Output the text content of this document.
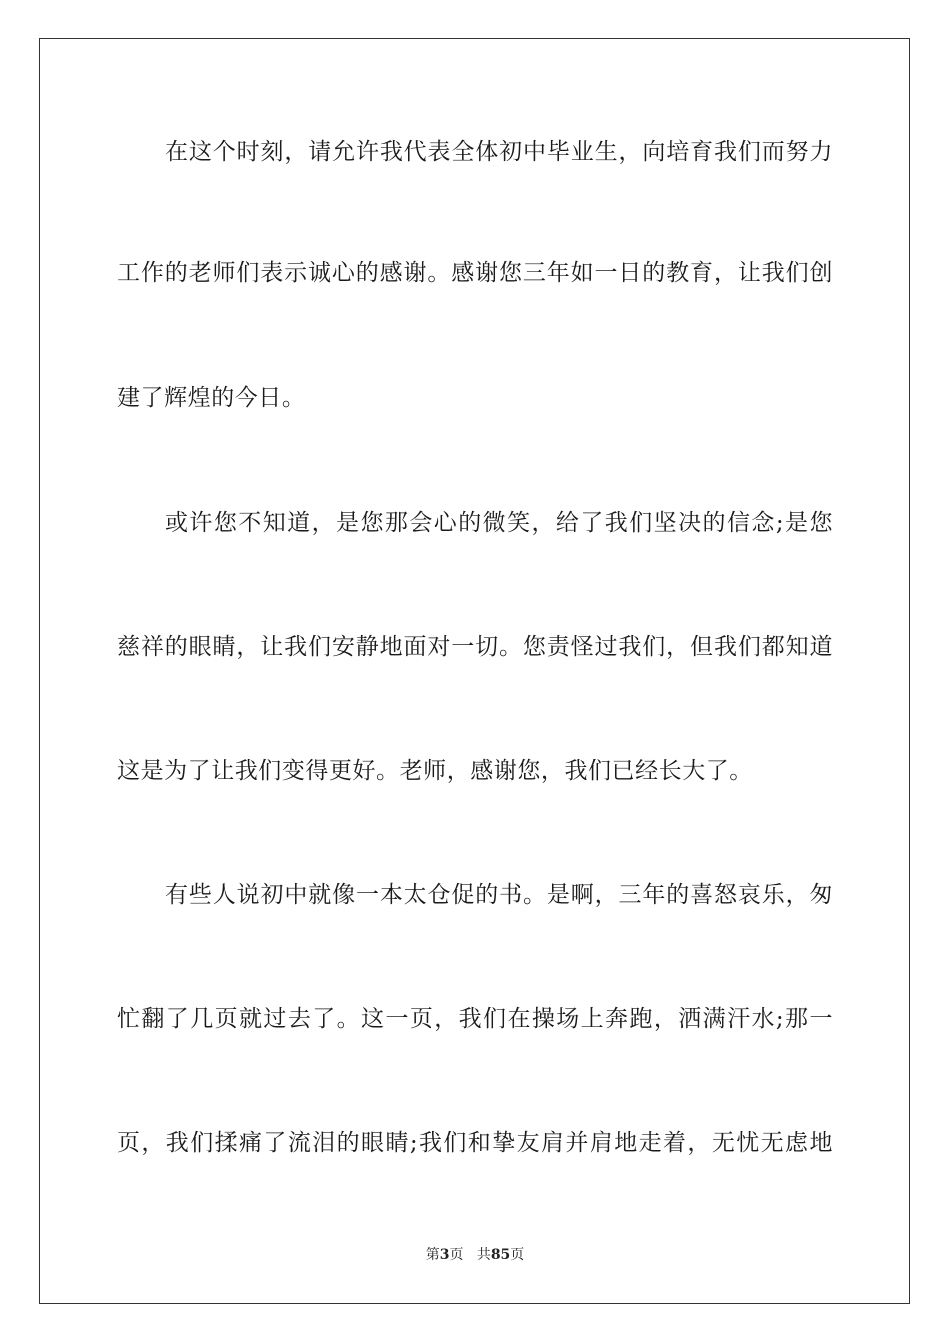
在这个时刻，请允许我代表全体初中毕业生，向培育我们而努力
工作的老师们表示诚心的感谢。感谢您三年如一日的教育，让我们创
建了辉煌的今日。
或许您不知道，是您那会心的微笑，给了我们坚决的信念;是您
慈祥的眼睛，让我们安静地面对一切。您责怪过我们，但我们都知道
这是为了让我们变得更好。老师，感谢您，我们已经长大了。
有些人说初中就像一本太仓促的书。是啊，三年的喜怒哀乐，匆
忙翻了几页就过去了。这一页，我们在操场上奔跑，洒满汗水;那一
页，我们揉痛了流泪的眼睛;我们和挚友肩并肩地走着，无忧无虑地
第3页 共85页
